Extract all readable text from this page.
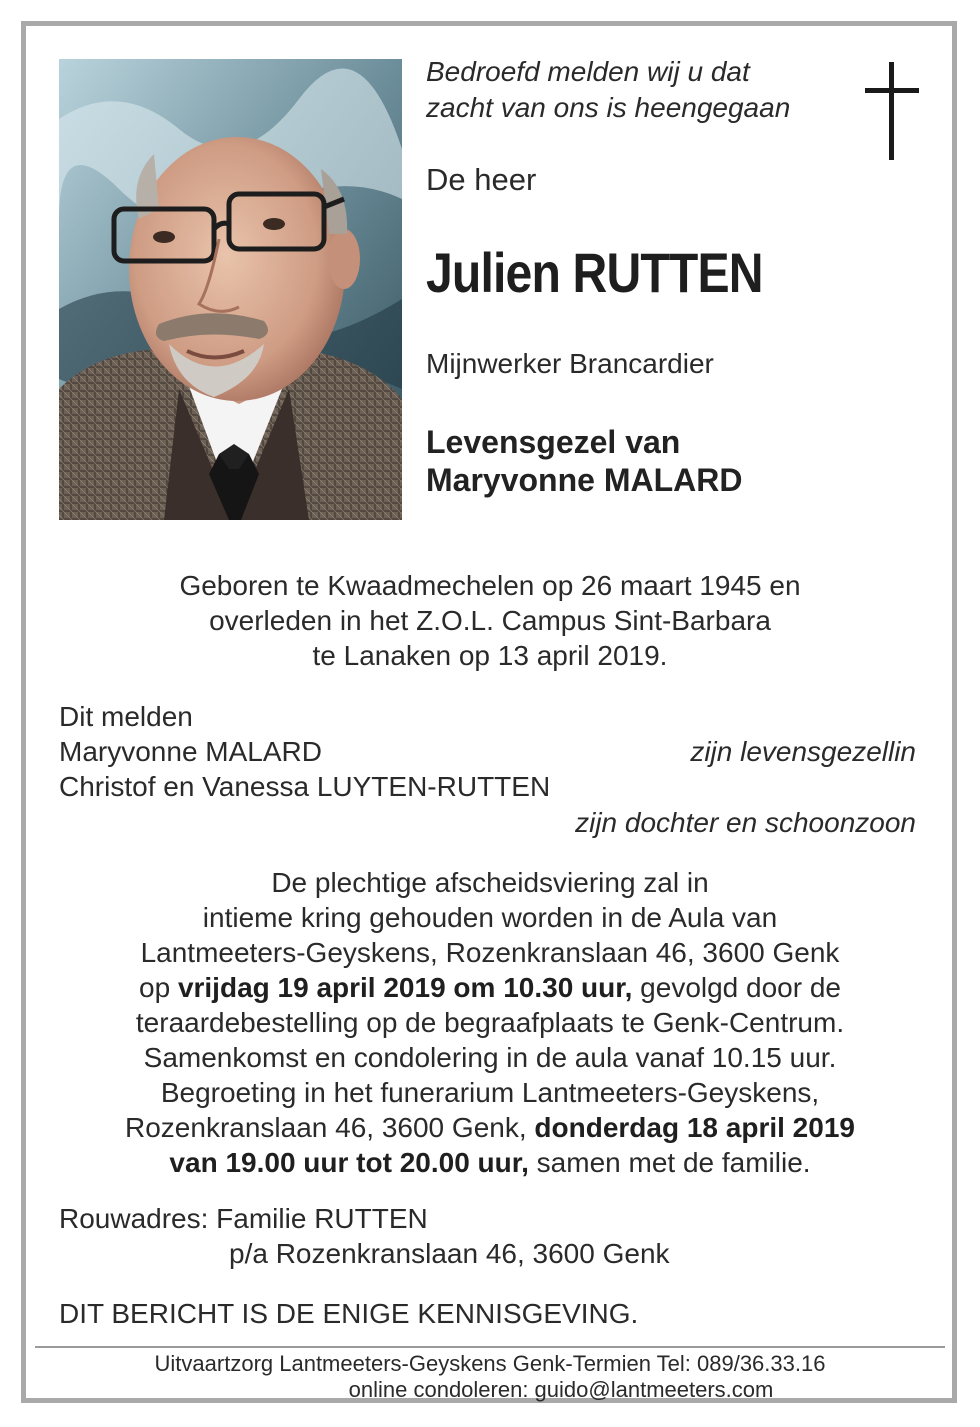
Bedroefd melden wij u dat
zacht van ons is heengegaan
De heer
Julien RUTTEN
Mijnwerker Brancardier
Levensgezel van
Maryvonne MALARD
Geboren te Kwaadmechelen op 26 maart 1945 en
overleden in het Z.O.L. Campus Sint-Barbara
te Lanaken op 13 april 2019.
Dit melden
Maryvonne MALARD	zijn levensgezellin
Christof en Vanessa LUYTEN-RUTTEN
zijn dochter en schoonzoon
De plechtige afscheidsviering zal in
intieme kring gehouden worden in de Aula van
Lantmeeters-Geyskens, Rozenkranslaan 46, 3600 Genk
op vrijdag 19 april 2019 om 10.30 uur, gevolgd door de
teraardebestelling op de begraafplaats te Genk-Centrum.
Samenkomst en condolering in de aula vanaf 10.15 uur.
Begroeting in het funerarium Lantmeeters-Geyskens,
Rozenkranslaan 46, 3600 Genk, donderdag 18 april 2019
van 19.00 uur tot 20.00 uur, samen met de familie.
Rouwadres: Familie RUTTEN
p/a Rozenkranslaan 46, 3600 Genk
DIT BERICHT IS DE ENIGE KENNISGEVING.
Uitvaartzorg Lantmeeters-Geyskens Genk-Termien Tel: 089/36.33.16
online condoleren: guido@lantmeeters.com
